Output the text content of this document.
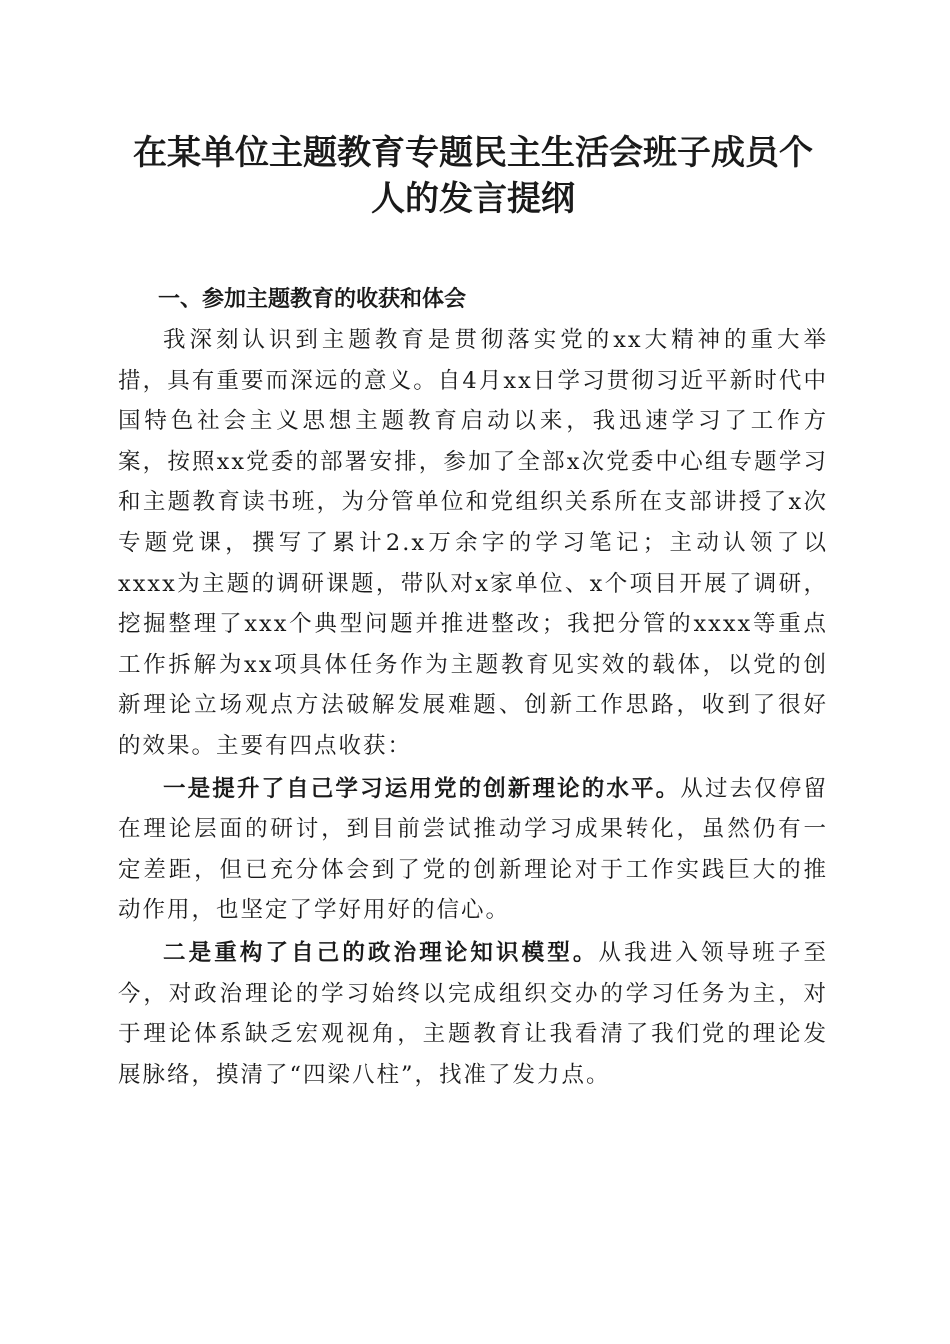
在某单位主题教育专题民主生活会班子成员个
人的发言提纲
一、参加主题教育的收获和体会

我深刻认识到主题教育是贯彻落实党的xx大精神的重大举措，具有重要而深远的意义。自4月xx日学习贯彻习近平新时代中国特色社会主义思想主题教育启动以来，我迅速学习了工作方案，按照xx党委的部署安排，参加了全部x次党委中心组专题学习和主题教育读书班，为分管单位和党组织关系所在支部讲授了x次专题党课，撰写了累计2.x万余字的学习笔记；主动认领了以xxxx为主题的调研课题，带队对x家单位、x个项目开展了调研，挖掘整理了xxx个典型问题并推进整改；我把分管的xxxx等重点工作拆解为xx项具体任务作为主题教育见实效的载体，以党的创新理论立场观点方法破解发展难题、创新工作思路，收到了很好的效果。主要有四点收获：

一是提升了自己学习运用党的创新理论的水平。从过去仅停留在理论层面的研讨，到目前尝试推动学习成果转化，虽然仍有一定差距，但已充分体会到了党的创新理论对于工作实践巨大的推动作用，也坚定了学好用好的信心。

二是重构了自己的政治理论知识模型。从我进入领导班子至今，对政治理论的学习始终以完成组织交办的学习任务为主，对于理论体系缺乏宏观视角，主题教育让我看清了我们党的理论发展脉络，摸清了“四梁八柱”，找准了发力点。
